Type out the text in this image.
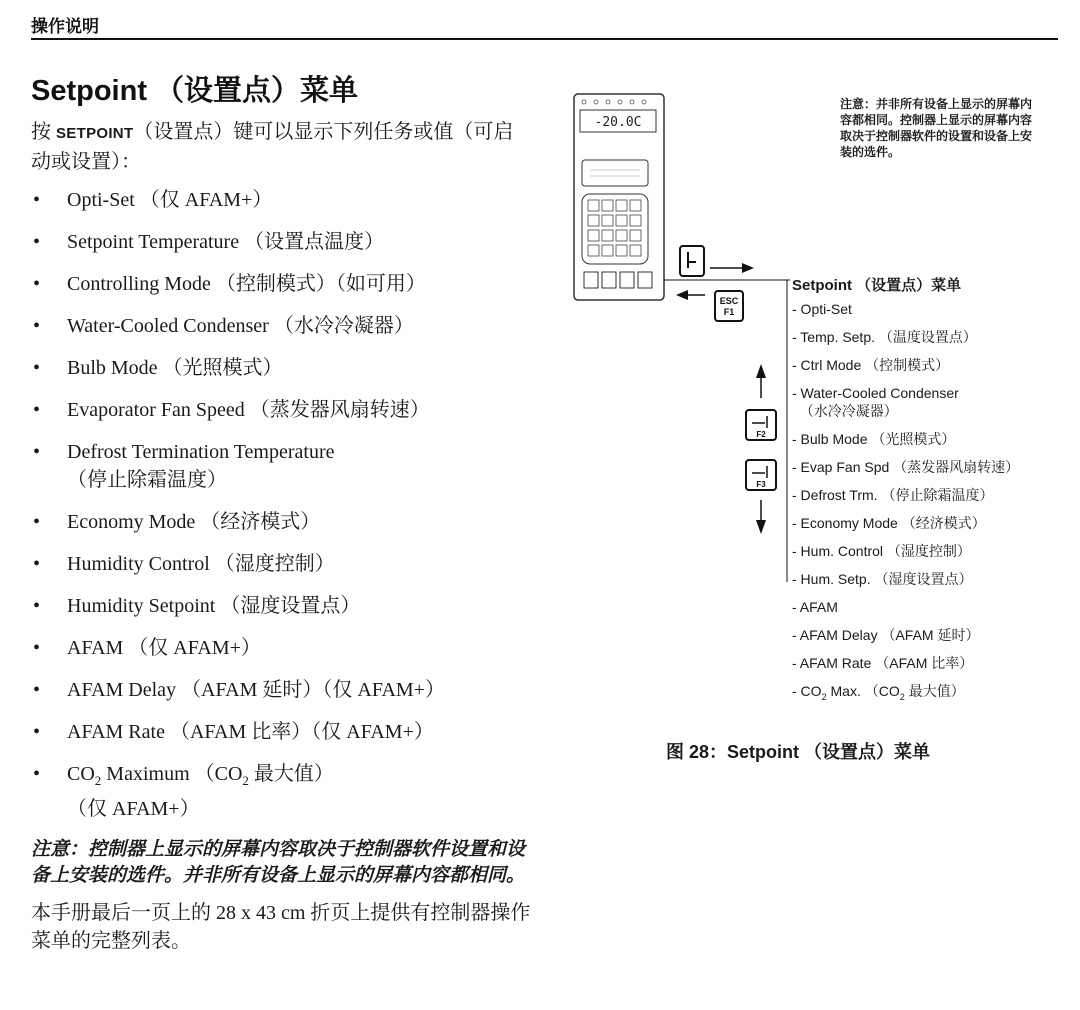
操作说明
Setpoint （设置点）菜单
按 SETPOINT（设置点）键可以显示下列任务或值（可启动或设置）：
• Opti-Set （仅 AFAM+）
• Setpoint Temperature （设置点温度）
• Controlling Mode （控制模式）（如可用）
• Water-Cooled Condenser （水冷冷凝器）
• Bulb Mode （光照模式）
• Evaporator Fan Speed （蒸发器风扇转速）
• Defrost Termination Temperature
（停止除霜温度）
• Economy Mode （经济模式）
• Humidity Control （湿度控制）
• Humidity Setpoint （湿度设置点）
• AFAM （仅 AFAM+）
• AFAM Delay （AFAM 延时）（仅 AFAM+）
• AFAM Rate （AFAM 比率）（仅 AFAM+）
• $CO_2$ Maximum （$CO_2$ 最大值）
（仅 AFAM+）
注意：控制器上显示的屏幕内容取决于控制器软件设置和设备上安装的选件。并非所有设备上显示的屏幕内容都相同。
本手册最后一页上的 28 x 43 cm 折页上提供有控制器操作菜单的完整列表。
-20.0C
ESC
F1
F2
F3
注意：并非所有设备上显示的屏幕内容都相同。控制器上显示的屏幕内容取决于控制器软件的设置和设备上安装的选件。
Setpoint （设置点）菜单
- Opti-Set
- Temp. Setp. （温度设置点）
- Ctrl Mode （控制模式）
- Water-Cooled Condenser
（水冷冷凝器）
- Bulb Mode （光照模式）
- Evap Fan Spd （蒸发器风扇转速）
- Defrost Trm. （停止除霜温度）
- Economy Mode （经济模式）
- Hum. Control （湿度控制）
- Hum. Setp. （湿度设置点）
- AFAM
- AFAM Delay （AFAM 延时）
- AFAM Rate （AFAM 比率）
- $CO_2$ Max. （$CO_2$ 最大值）
图 28：Setpoint （设置点）菜单
